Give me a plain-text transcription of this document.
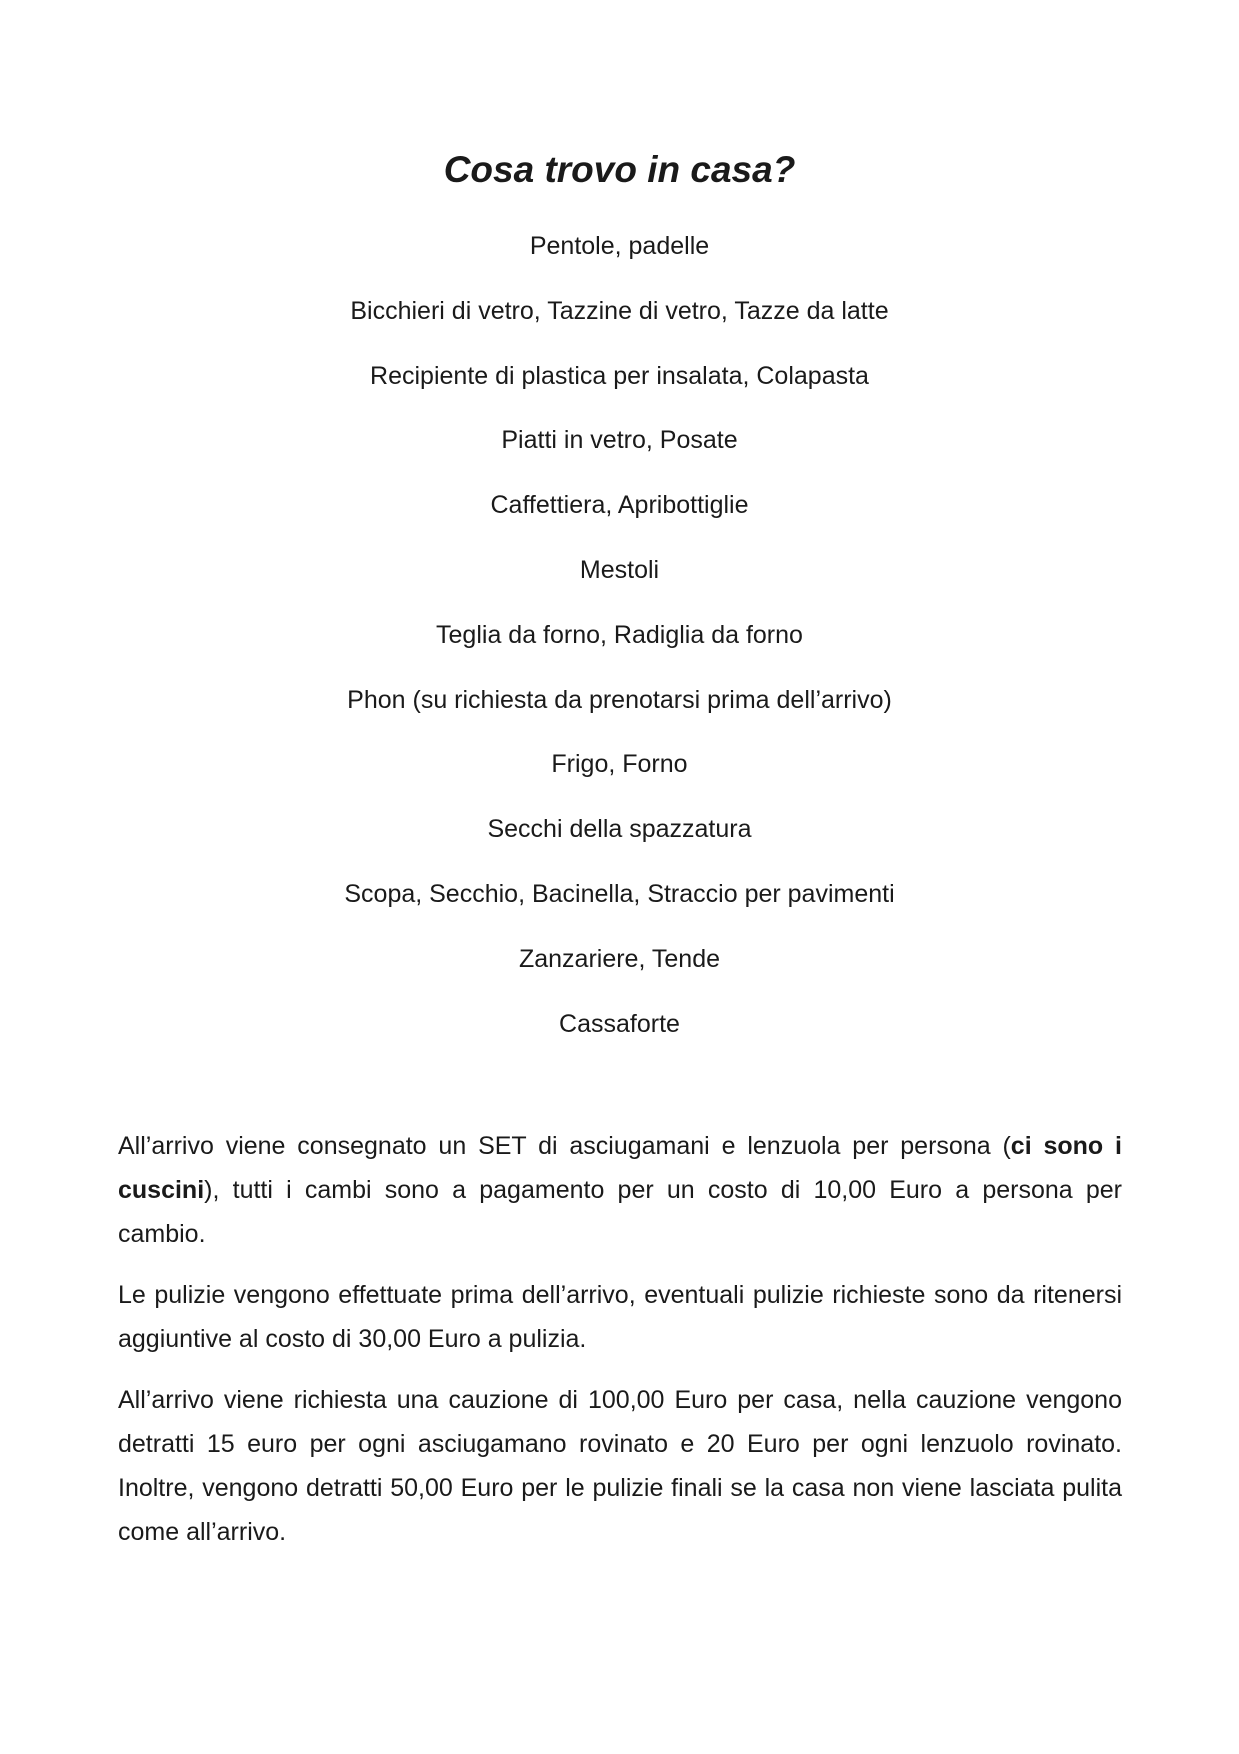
Cosa trovo in casa?
Pentole, padelle
Bicchieri di vetro, Tazzine di vetro, Tazze da latte
Recipiente di plastica per insalata, Colapasta
Piatti in vetro, Posate
Caffettiera, Apribottiglie
Mestoli
Teglia da forno, Radiglia da forno
Phon (su richiesta da prenotarsi prima dell’arrivo)
Frigo, Forno
Secchi della spazzatura
Scopa, Secchio, Bacinella, Straccio per pavimenti
Zanzariere, Tende
Cassaforte

All’arrivo viene consegnato un SET di asciugamani e lenzuola per persona (ci sono i cuscini), tutti i cambi sono a pagamento per un costo di 10,00 Euro a persona per cambio.

Le pulizie vengono effettuate prima dell’arrivo, eventuali pulizie richieste sono da ritenersi aggiuntive al costo di 30,00 Euro a pulizia.

All’arrivo viene richiesta una cauzione di 100,00 Euro per casa, nella cauzione vengono detratti 15 euro per ogni asciugamano rovinato e 20 Euro per ogni lenzuolo rovinato. Inoltre, vengono detratti 50,00 Euro per le pulizie finali se la casa non viene lasciata pulita come all’arrivo.
